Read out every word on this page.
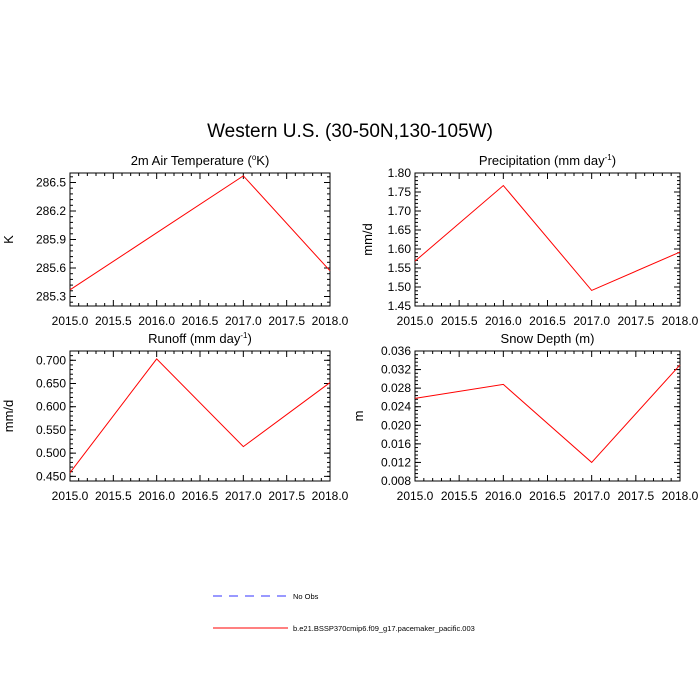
Western U.S. (30-50N,130-105W)
2m Air Temperature ($^o$K)
K
2015.0 2015.5 2016.0 2016.5 2017.0 2017.5 2018.0
285.3
285.6
285.9
286.2
286.5
Precipitation (mm day$^{-1}$)
mm/d
2015.0 2015.5 2016.0 2016.5 2017.0 2017.5 2018.0
1.45
1.50
1.55
1.60
1.65
1.70
1.75
1.80
Runoff (mm day$^{-1}$)
mm/d
2015.0 2015.5 2016.0 2016.5 2017.0 2017.5 2018.0
0.450
0.500
0.550
0.600
0.650
0.700
Snow Depth (m)
m
2015.0 2015.5 2016.0 2016.5 2017.0 2017.5 2018.0
0.008
0.012
0.016
0.020
0.024
0.028
0.032
0.036
No Obs
b.e21.BSSP370cmip6.f09_g17.pacemaker_pacific.003
